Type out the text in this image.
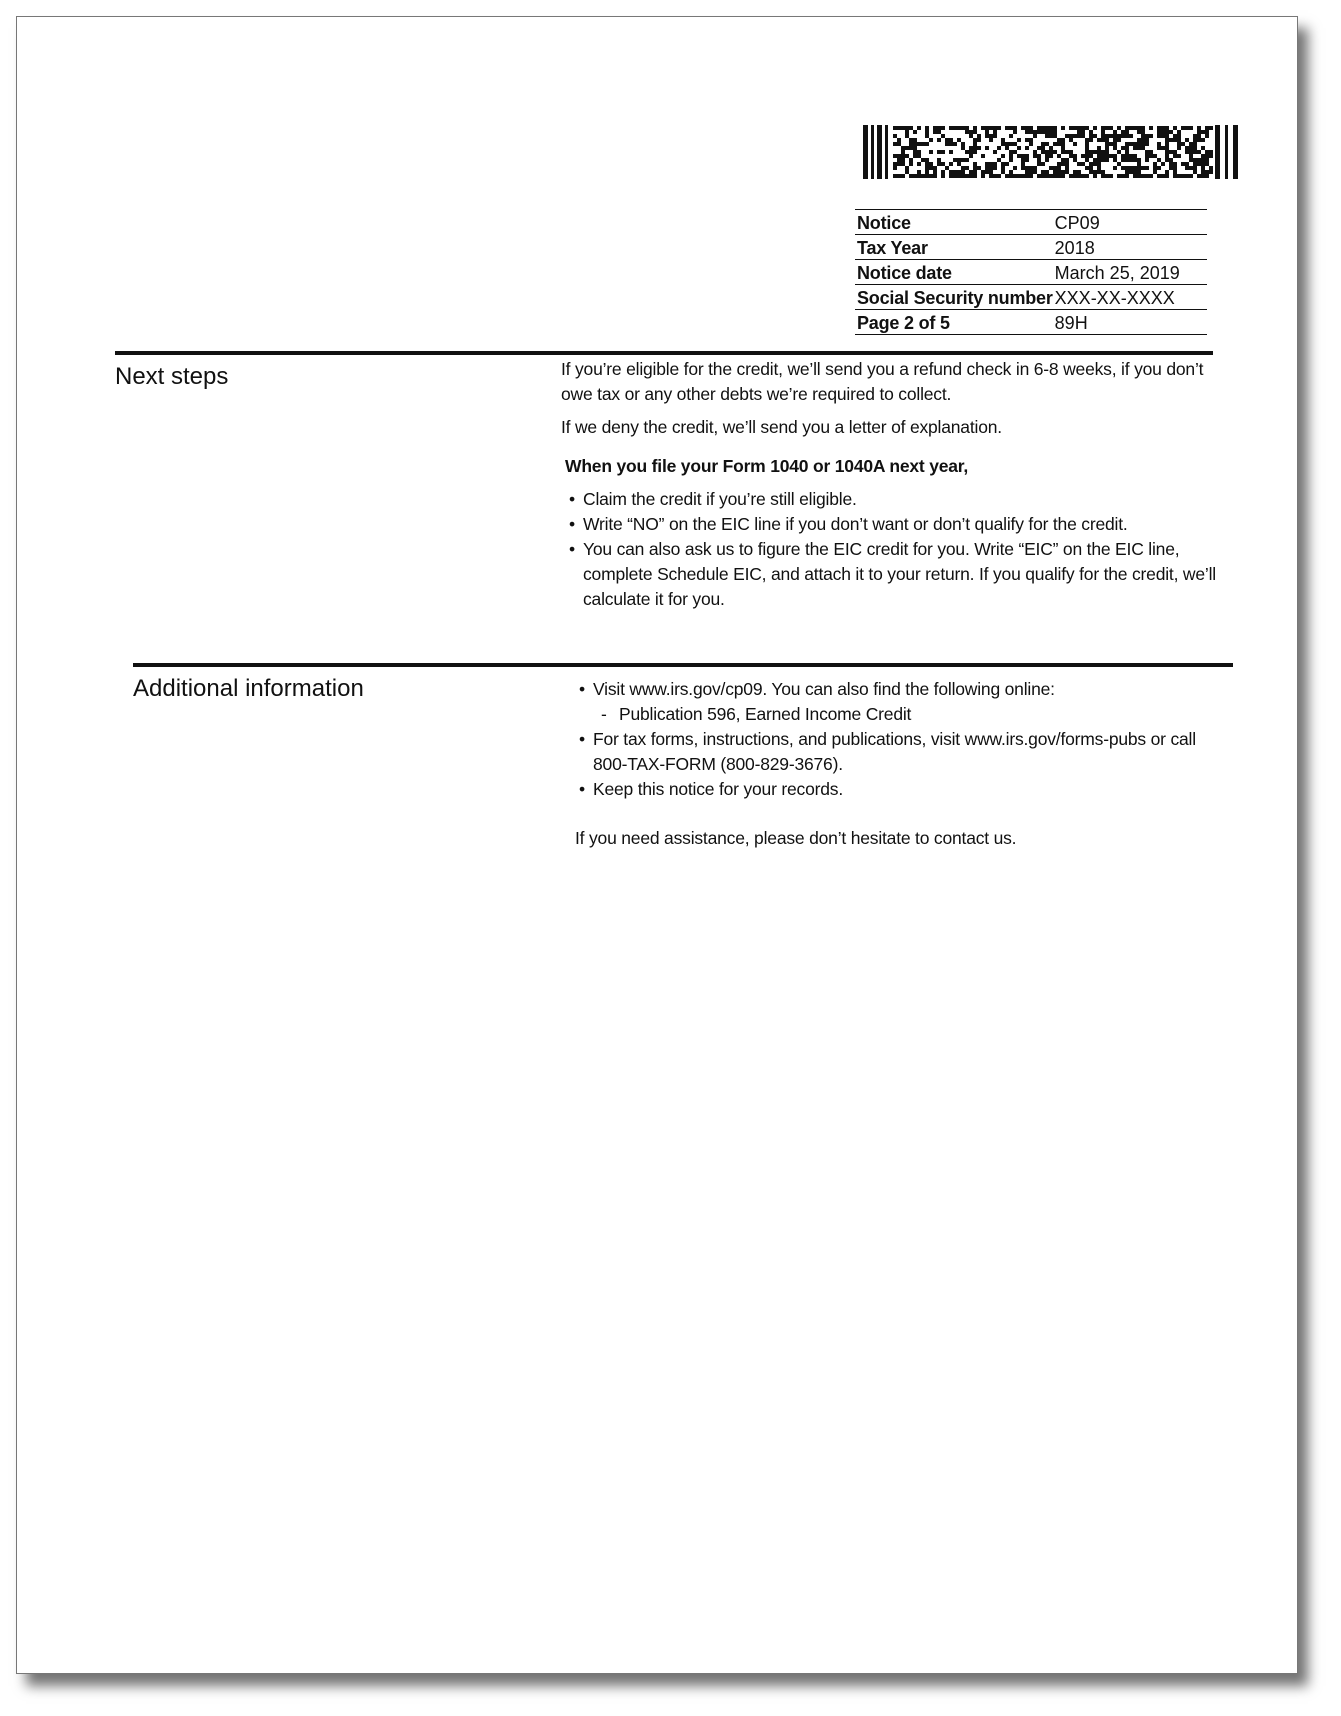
Notice	CP09
Tax Year	2018
Notice date	March 25, 2019
Social Security number	XXX-XX-XXXX
Page 2 of 5	89H
Next steps	If you’re eligible for the credit, we’ll send you a refund check in 6-8 weeks, if you don’t owe tax or any other debts we’re required to collect.

If we deny the credit, we’ll send you a letter of explanation.

When you file your Form 1040 or 1040A next year,

• Claim the credit if you’re still eligible.
• Write “NO” on the EIC line if you don’t want or don’t qualify for the credit.
• You can also ask us to figure the EIC credit for you. Write “EIC” on the EIC line, complete Schedule EIC, and attach it to your return. If you qualify for the credit, we’ll calculate it for you.
Additional information	• Visit www.irs.gov/cp09. You can also find the following online:
- Publication 596, Earned Income Credit
• For tax forms, instructions, and publications, visit www.irs.gov/forms-pubs or call 800-TAX-FORM (800-829-3676).
• Keep this notice for your records.

If you need assistance, please don’t hesitate to contact us.
